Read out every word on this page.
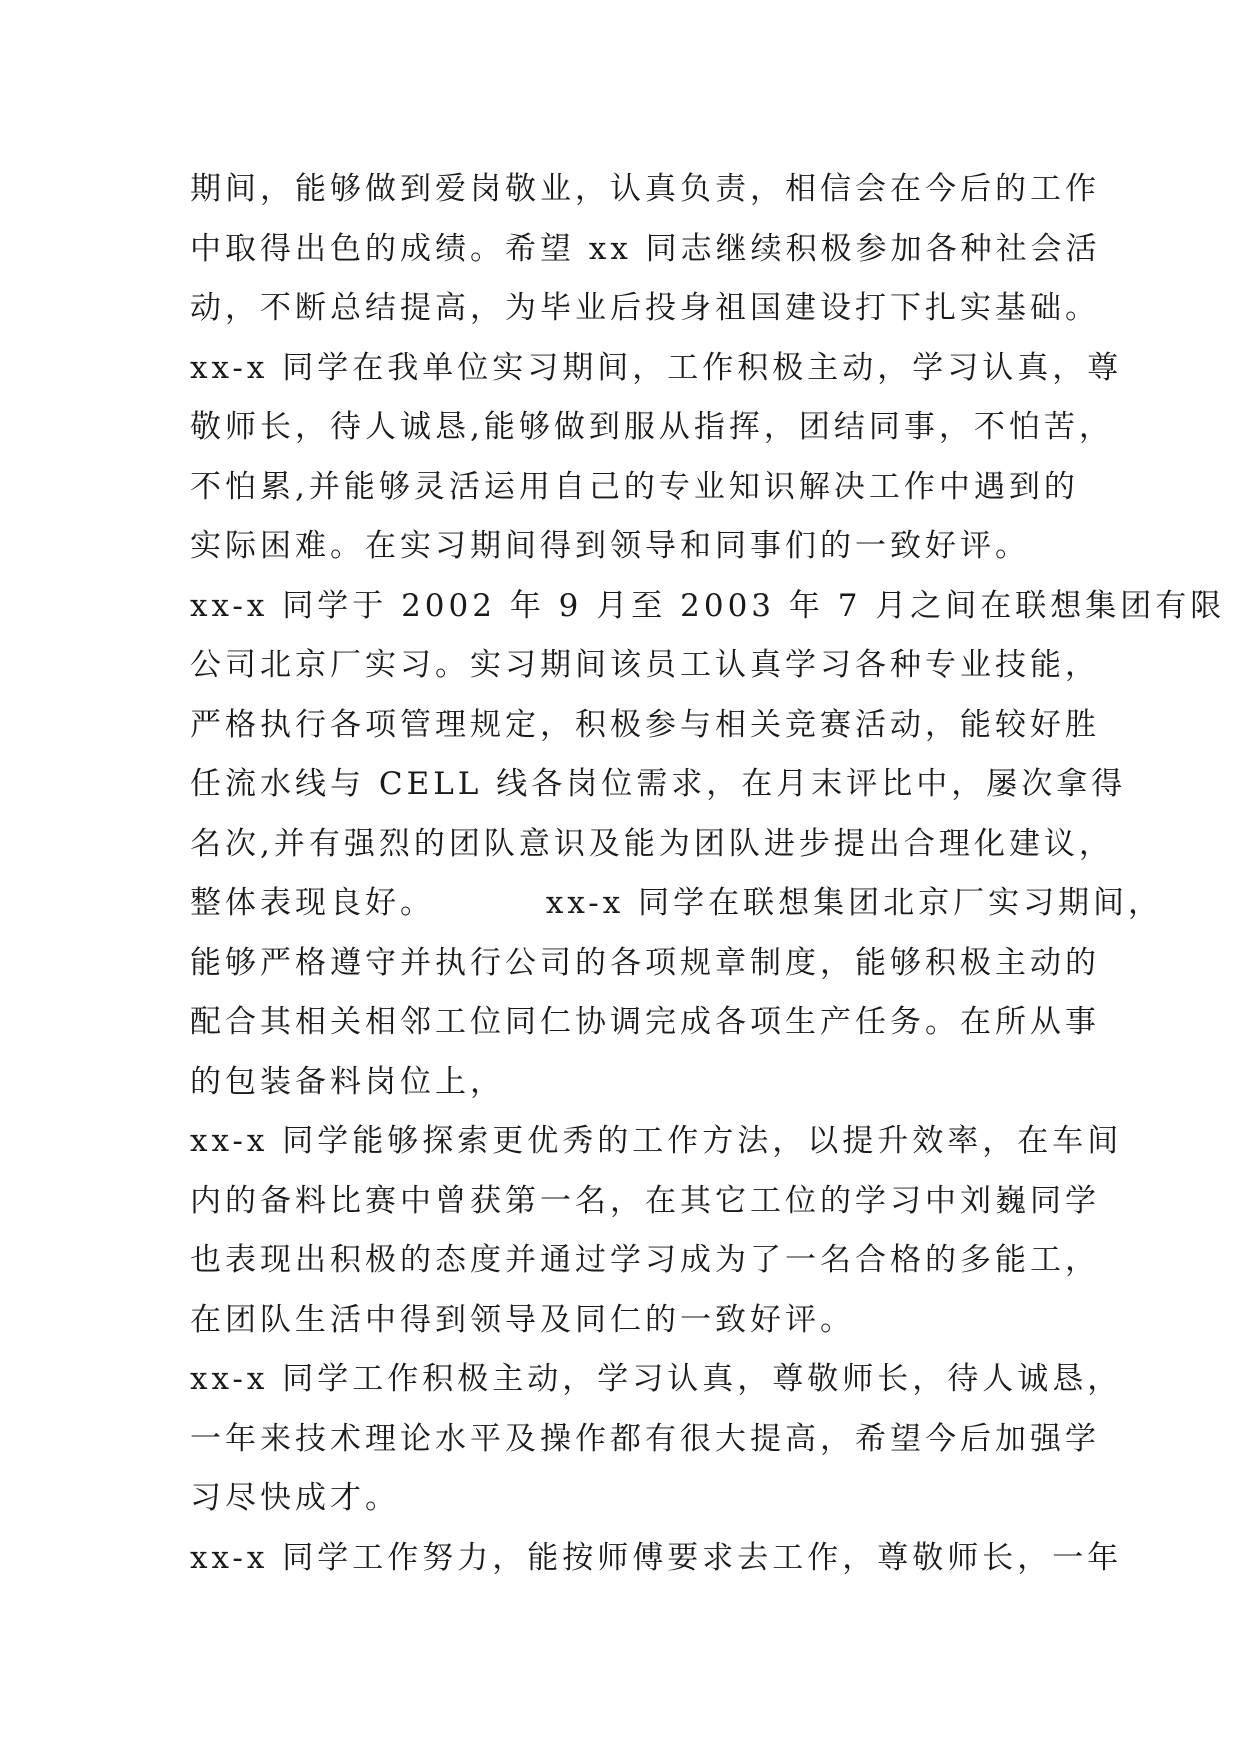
期间，能够做到爱岗敬业，认真负责，相信会在今后的工作
中取得出色的成绩。希望 xx 同志继续积极参加各种社会活
动，不断总结提高，为毕业后投身祖国建设打下扎实基础。
xx-x 同学在我单位实习期间，工作积极主动，学习认真，尊
敬师长，待人诚恳,能够做到服从指挥，团结同事，不怕苦，
不怕累,并能够灵活运用自己的专业知识解决工作中遇到的
实际困难。在实习期间得到领导和同事们的一致好评。
xx-x 同学于 2002 年 9 月至 2003 年 7 月之间在联想集团有限
公司北京厂实习。实习期间该员工认真学习各种专业技能，
严格执行各项管理规定，积极参与相关竞赛活动，能较好胜
任流水线与 CELL 线各岗位需求，在月末评比中，屡次拿得
名次,并有强烈的团队意识及能为团队进步提出合理化建议，
整体表现良好。        xx-x 同学在联想集团北京厂实习期间，
能够严格遵守并执行公司的各项规章制度，能够积极主动的
配合其相关相邻工位同仁协调完成各项生产任务。在所从事
的包装备料岗位上，
xx-x 同学能够探索更优秀的工作方法，以提升效率，在车间
内的备料比赛中曾获第一名，在其它工位的学习中刘巍同学
也表现出积极的态度并通过学习成为了一名合格的多能工，
在团队生活中得到领导及同仁的一致好评。
xx-x 同学工作积极主动，学习认真，尊敬师长，待人诚恳，
一年来技术理论水平及操作都有很大提高，希望今后加强学
习尽快成才。
xx-x 同学工作努力，能按师傅要求去工作，尊敬师长，一年
